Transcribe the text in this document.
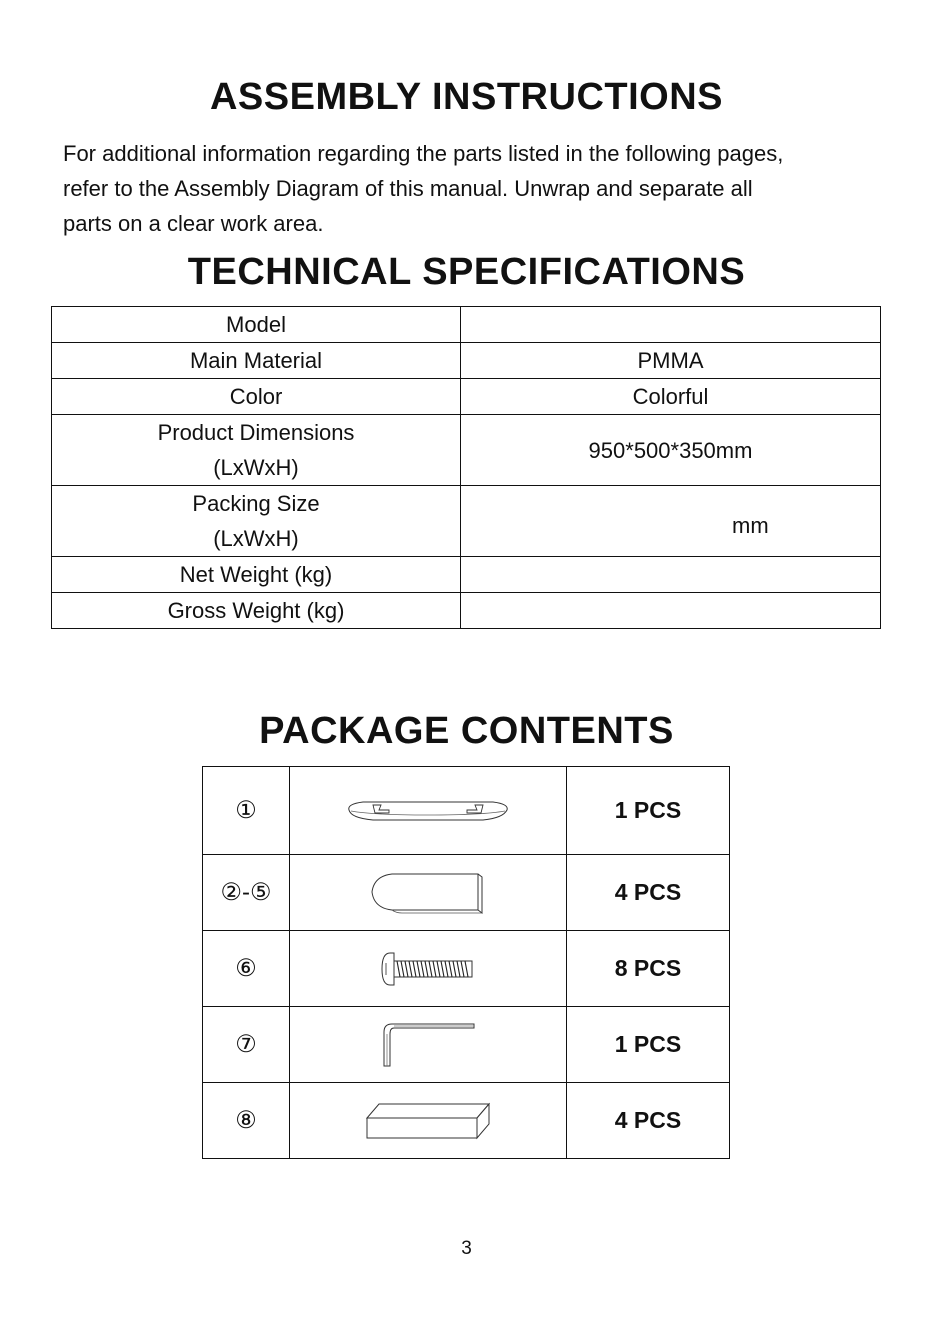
ASSEMBLY INSTRUCTIONS
For additional information regarding the parts listed in the following pages,
refer to the Assembly Diagram of this manual. Unwrap and separate all
parts on a clear work area.
TECHNICAL SPECIFICATIONS
Model	
Main Material	PMMA
Color	Colorful

Product Dimensions
(LxWxH)	950*500*350mm

Packing Size
(LxWxH)	mm

Net Weight (kg)	
Gross Weight (kg)	
PACKAGE CONTENTS
①		1 PCS
②-⑤		4 PCS
⑥		8 PCS
⑦		1 PCS
⑧		4 PCS
3
